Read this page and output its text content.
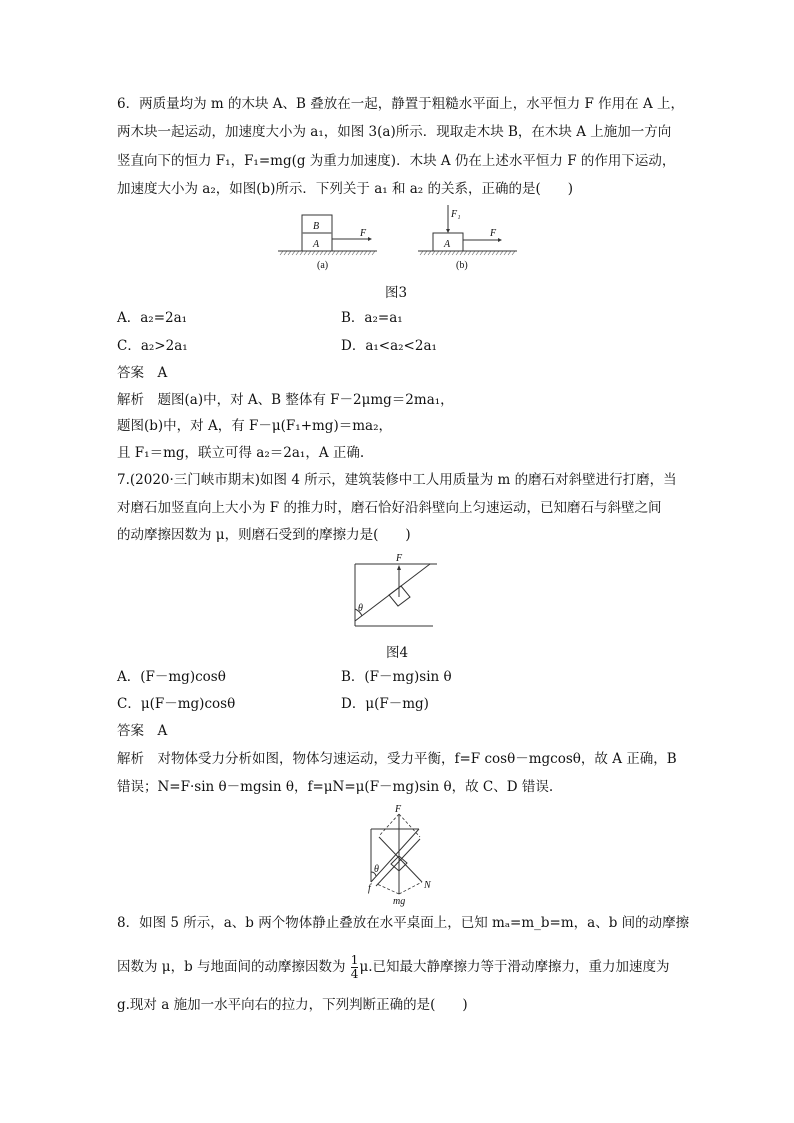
6．两质量均为 m 的木块 A、B 叠放在一起，静置于粗糙水平面上，水平恒力 F 作用在 A 上，
两木块一起运动，加速度大小为 a₁，如图 3(a)所示．现取走木块 B，在木块 A 上施加一方向
竖直向下的恒力 F₁，F₁=mg(g 为重力加速度)．木块 A 仍在上述水平恒力 F 的作用下运动，
加速度大小为 a₂，如图(b)所示．下列关于 a₁ 和 a₂ 的关系，正确的是(　　)
B
A
F
A
F₁
F
(a)	(b)
图3
A．a₂=2a₁	B．a₂=a₁
C．a₂>2a₁	D．a₁<a₂<2a₁
答案　A
解析　题图(a)中，对 A、B 整体有 F－2μmg＝2ma₁，
题图(b)中，对 A，有 F－μ(F₁+mg)＝ma₂，
且 F₁＝mg，联立可得 a₂＝2a₁，A 正确.
7.(2020·三门峡市期末)如图 4 所示，建筑装修中工人用质量为 m 的磨石对斜壁进行打磨，当
对磨石加竖直向上大小为 F 的推力时，磨石恰好沿斜壁向上匀速运动，已知磨石与斜壁之间
的动摩擦因数为 μ，则磨石受到的摩擦力是(　　)
F
θ
图4
A．(F－mg)cosθ	B．(F－mg)sin θ
C．μ(F－mg)cosθ	D．μ(F－mg)
答案　A
解析　对物体受力分析如图，物体匀速运动，受力平衡，f=F cosθ－mgcosθ，故 A 正确，B
错误；N=F·sin θ－mgsin θ，f=μN=μ(F－mg)sin θ，故 C、D 错误.
F
θ
f	N
mg
8．如图 5 所示，a、b 两个物体静止叠放在水平桌面上，已知 mₐ=m_b=m，a、b 间的动摩擦
因数为 μ，b 与地面间的动摩擦因数为 $\frac{1}{4} \mu$.已知最大静摩擦力等于滑动摩擦力，重力加速度为
g.现对 a 施加一水平向右的拉力，下列判断正确的是(　　)
